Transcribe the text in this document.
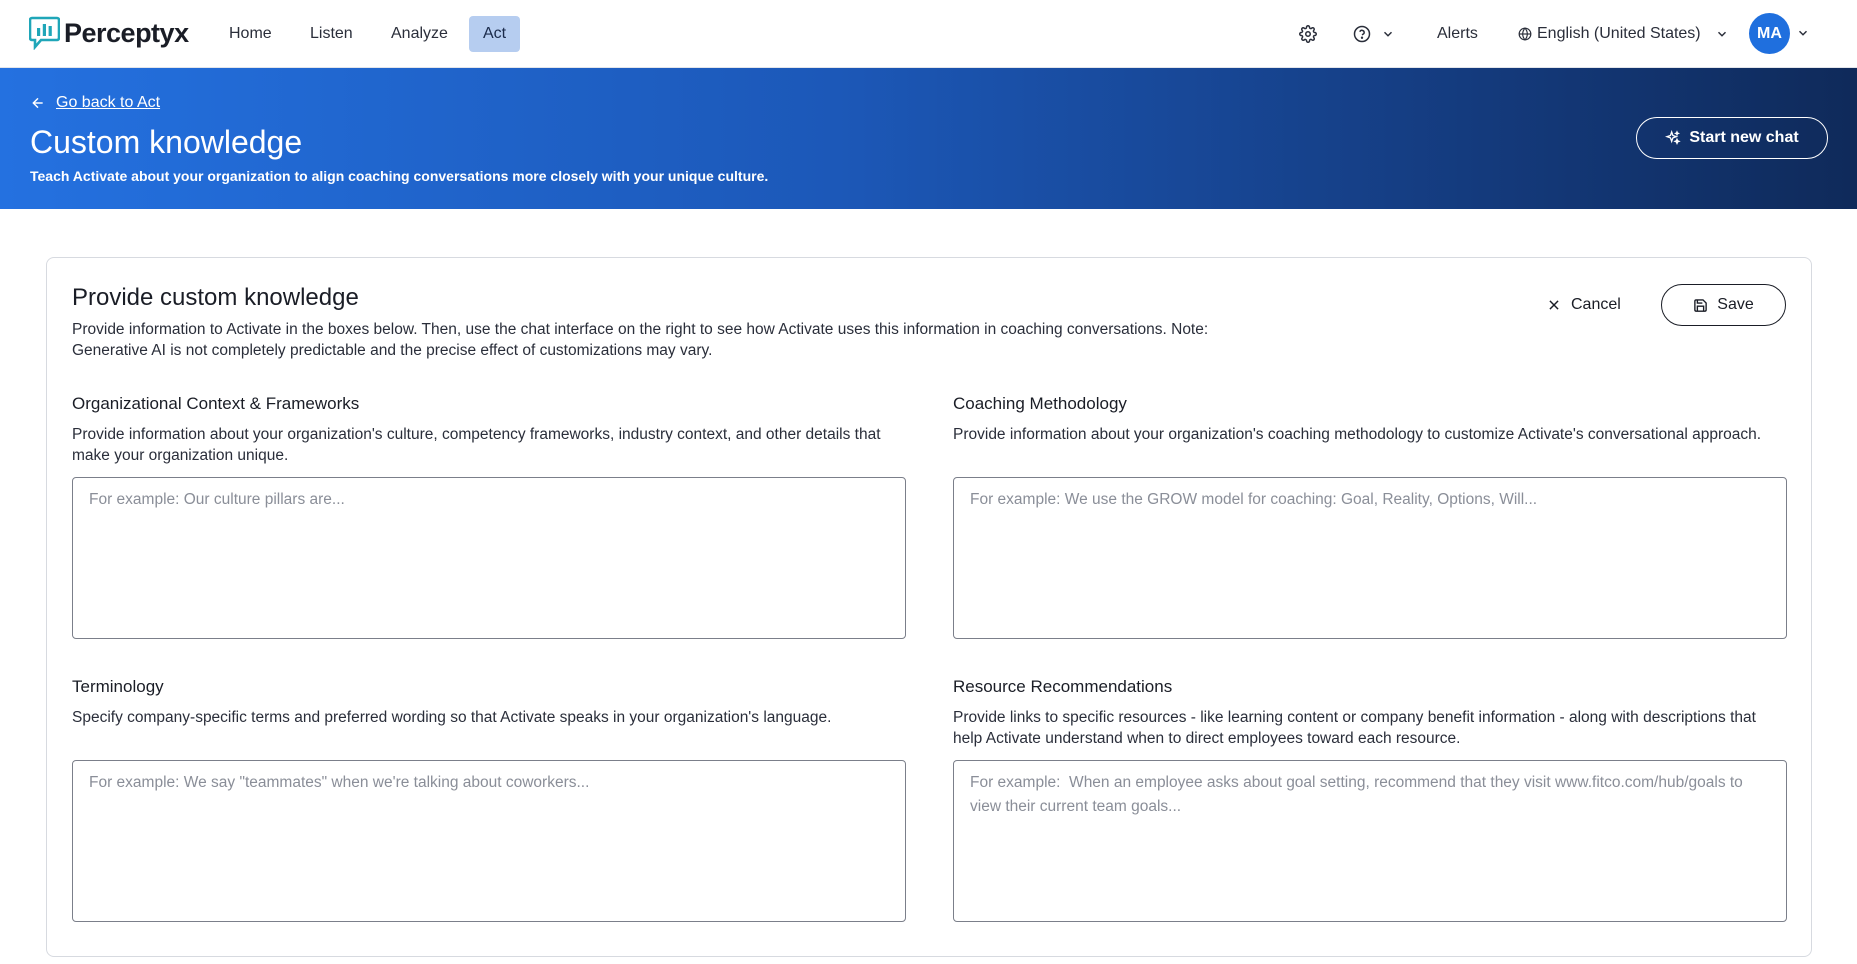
Perceptyx	Home	Listen	Analyze	Act	Alerts	English (United States)	MA
Go back to Act
Custom knowledge
Teach Activate about your organization to align coaching conversations more closely with your unique culture.
Start new chat
Provide custom knowledge
Provide information to Activate in the boxes below. Then, use the chat interface on the right to see how Activate uses this information in coaching conversations. Note: Generative AI is not completely predictable and the precise effect of customizations may vary.
Cancel	Save
Organizational Context & Frameworks
Provide information about your organization's culture, competency frameworks, industry context, and other details that make your organization unique.
For example: Our culture pillars are...
Coaching Methodology
Provide information about your organization's coaching methodology to customize Activate's conversational approach.
For example: We use the GROW model for coaching: Goal, Reality, Options, Will...
Terminology
Specify company-specific terms and preferred wording so that Activate speaks in your organization's language.
For example: We say "teammates" when we're talking about coworkers...
Resource Recommendations
Provide links to specific resources - like learning content or company benefit information - along with descriptions that help Activate understand when to direct employees toward each resource.
For example: When an employee asks about goal setting, recommend that they visit www.fitco.com/hub/goals to view their current team goals...
